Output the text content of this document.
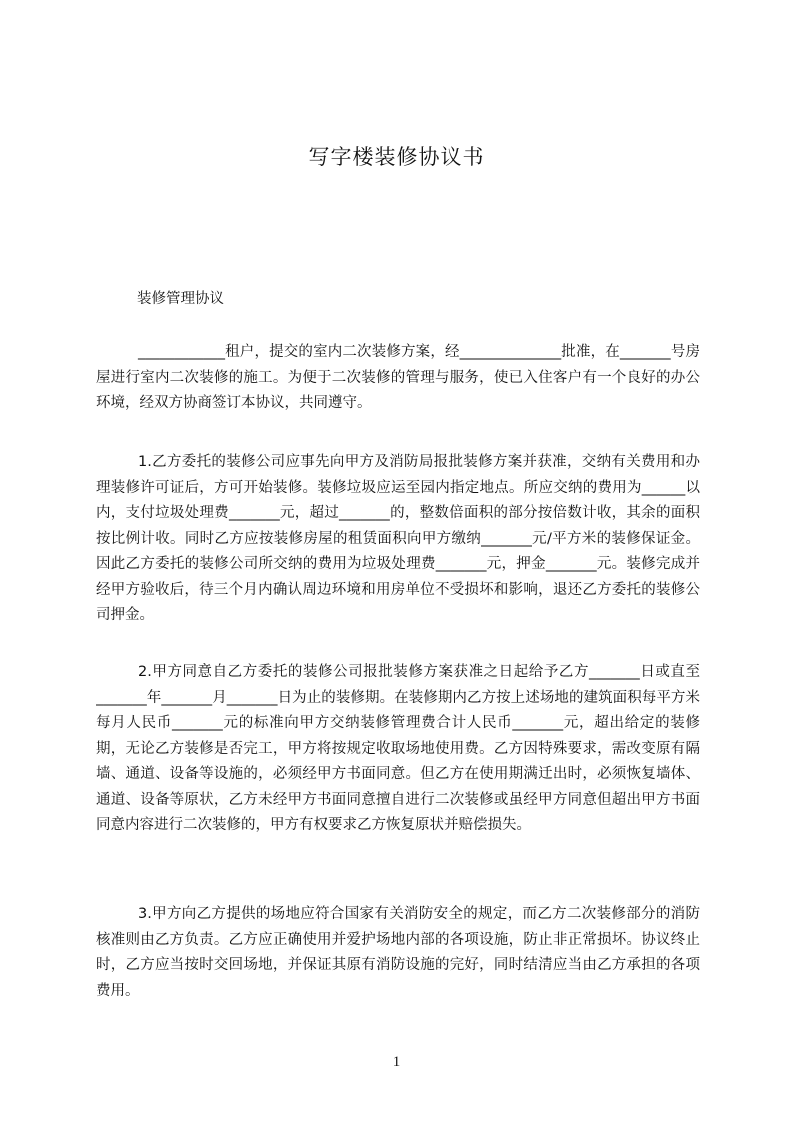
写字楼装修协议书

装修管理协议

____________租户，提交的室内二次装修方案，经______________批准，在_______号房屋进行室内二次装修的施工。为便于二次装修的管理与服务，使已入住客户有一个良好的办公环境，经双方协商签订本协议，共同遵守。

1.乙方委托的装修公司应事先向甲方及消防局报批装修方案并获准，交纳有关费用和办理装修许可证后，方可开始装修。装修垃圾应运至园内指定地点。所应交纳的费用为______以内，支付垃圾处理费_______元，超过_______的，整数倍面积的部分按倍数计收，其余的面积按比例计收。同时乙方应按装修房屋的租赁面积向甲方缴纳_______元/平方米的装修保证金。因此乙方委托的装修公司所交纳的费用为垃圾处理费_______元，押金_______元。装修完成并经甲方验收后，待三个月内确认周边环境和用房单位不受损坏和影响，退还乙方委托的装修公司押金。

2.甲方同意自乙方委托的装修公司报批装修方案获准之日起给予乙方_______日或直至_______年_______月_______日为止的装修期。在装修期内乙方按上述场地的建筑面积每平方米每月人民币_______元的标准向甲方交纳装修管理费合计人民币_______元，超出给定的装修期，无论乙方装修是否完工，甲方将按规定收取场地使用费。乙方因特殊要求，需改变原有隔墙、通道、设备等设施的，必须经甲方书面同意。但乙方在使用期满迁出时，必须恢复墙体、通道、设备等原状，乙方未经甲方书面同意擅自进行二次装修或虽经甲方同意但超出甲方书面同意内容进行二次装修的，甲方有权要求乙方恢复原状并赔偿损失。

3.甲方向乙方提供的场地应符合国家有关消防安全的规定，而乙方二次装修部分的消防核准则由乙方负责。乙方应正确使用并爱护场地内部的各项设施，防止非正常损坏。协议终止时，乙方应当按时交回场地，并保证其原有消防设施的完好，同时结清应当由乙方承担的各项费用。

1
